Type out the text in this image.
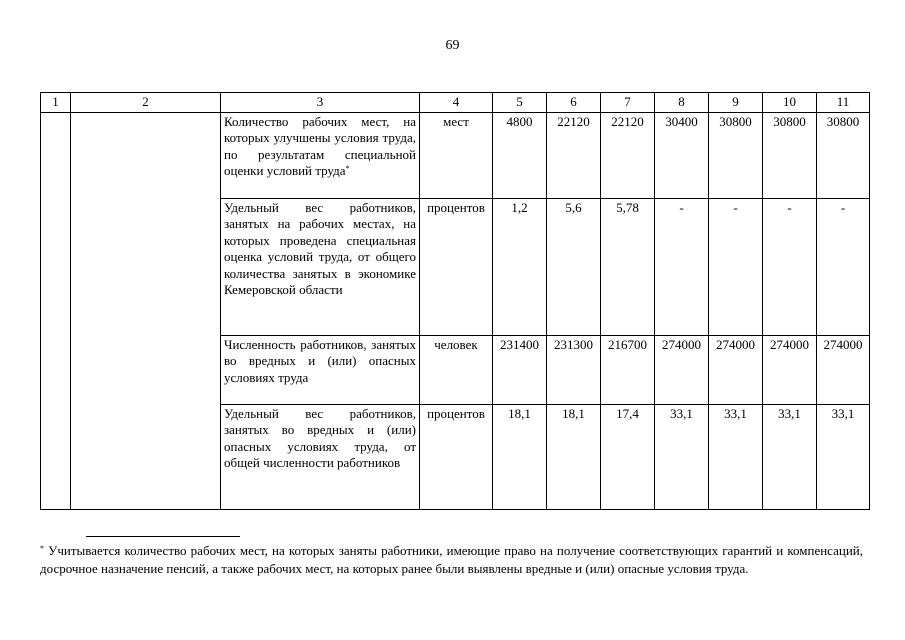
69
1	2	3	4	5	6	7	8	9	10	11
		Количество рабочих мест, на которых улучшены условия труда, по результатам специальной оценки условий труда*	мест	4800	22120	22120	30400	30800	30800	30800
		Удельный вес работников, занятых на рабочих местах, на которых проведена специальная оценка условий труда, от общего количества занятых в экономике Кемеровской области	процентов	1,2	5,6	5,78	-	-	-	-
		Численность работников, занятых во вредных и (или) опасных условиях труда	человек	231400	231300	216700	274000	274000	274000	274000
		Удельный вес работников, занятых во вредных и (или) опасных условиях труда, от общей численности работников	процентов	18,1	18,1	17,4	33,1	33,1	33,1	33,1
* Учитывается количество рабочих мест, на которых заняты работники, имеющие право на получение соответствующих гарантий и компенсаций, досрочное назначение пенсий, а также рабочих мест, на которых ранее были выявлены вредные и (или) опасные условия труда.
